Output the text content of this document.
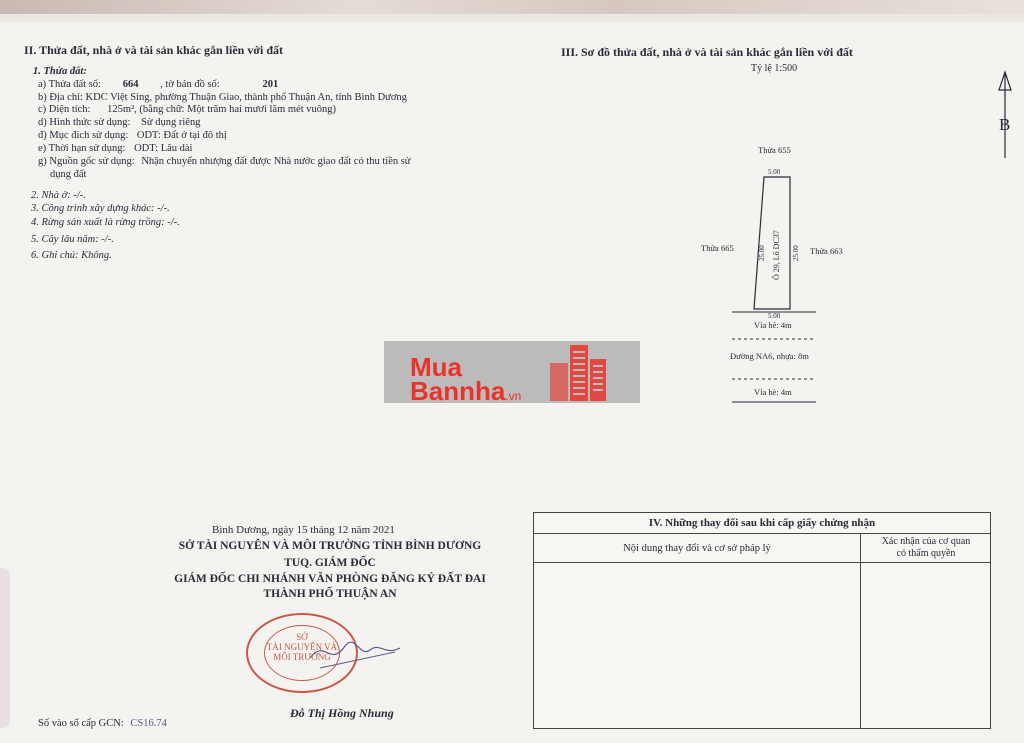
II. Thửa đất, nhà ở và tài sản khác gắn liền với đất
1. Thửa đất:
a) Thửa đất số: 664 , tờ bản đồ số:	201
b) Địa chỉ: KDC Việt Sing, phường Thuận Giao, thành phố Thuận An, tỉnh Bình Dương
c) Diện tích: 125m², (bằng chữ: Một trăm hai mươi lăm mét vuông)
d) Hình thức sử dụng: Sử dụng riêng
đ) Mục đích sử dụng: ODT: Đất ở tại đô thị
e) Thời hạn sử dụng: ODT: Lâu dài
g) Nguồn gốc sử dụng: Nhận chuyển nhượng đất được Nhà nước giao đất có thu tiền sử
dụng đất
2. Nhà ở: -/-.
3. Công trình xây dựng khác: -/-.
4. Rừng sản xuất là rừng trồng: -/-.
5. Cây lâu năm: -/-.
6. Ghi chú: Không.
III. Sơ đồ thửa đất, nhà ở và tài sản khác gắn liền với đất
Tỷ lệ 1:500
B
Thửa 655
Thửa 665	Thửa 663
5.00
5.00
25.00	25.00
Ô 29, Lô DC37
Vỉa hè: 4m
Đường NA6, nhựa: 8m
Vỉa hè: 4m
Mua
Bannha.vn
Bình Dương, ngày 15 tháng 12 năm 2021
SỞ TÀI NGUYÊN VÀ MÔI TRƯỜNG TỈNH BÌNH DƯƠNG
TUQ. GIÁM ĐỐC
GIÁM ĐỐC CHI NHÁNH VĂN PHÒNG ĐĂNG KÝ ĐẤT ĐAI
THÀNH PHỐ THUẬN AN
SỞ
TÀI NGUYÊN VÀ
MÔI TRƯỜNG
Đỗ Thị Hồng Nhung
Số vào sổ cấp GCN: CS16.74
IV. Những thay đổi sau khi cấp giấy chứng nhận
Nội dung thay đổi và cơ sở pháp lý
Xác nhận của cơ quan
có thẩm quyền
